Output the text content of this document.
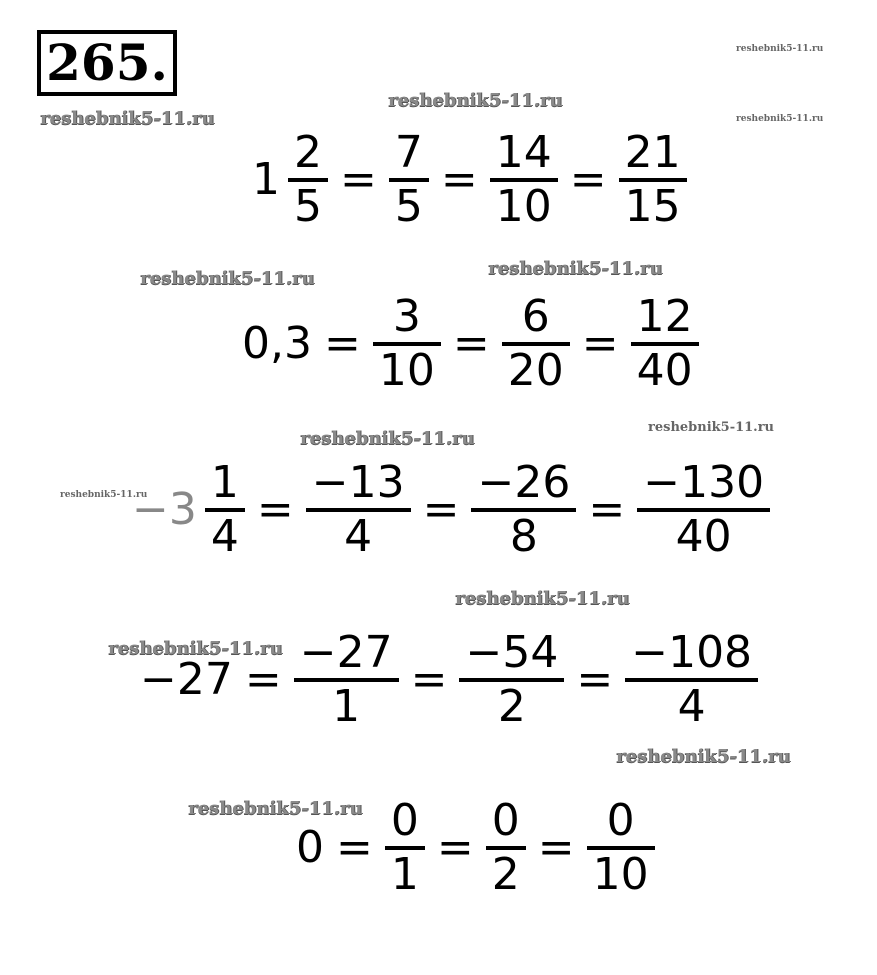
265.	reshebnik5-11.ru
reshebnik5-11.ru
reshebnik5-11.ru	reshebnik5-11.ru
reshebnik5-11.ru	reshebnik5-11.ru
reshebnik5-11.ru
reshebnik5-11.ru
reshebnik5-11.ru
reshebnik5-11.ru
reshebnik5-11.ru
reshebnik5-11.ru
reshebnik5-11.ru
$1 \frac{2}{5} = \frac{7}{5} = \frac{14}{10} = \frac{21}{15}$
$0,3 = \frac{3}{10} = \frac{6}{20} = \frac{12}{40}$
$-3 \frac{1}{4} = \frac{-13}{4} = \frac{-26}{8} = \frac{-130}{40}$
$-27 = \frac{-27}{1} = \frac{-54}{2} = \frac{-108}{4}$
$0 = \frac{0}{1} = \frac{0}{2} = \frac{0}{10}$
